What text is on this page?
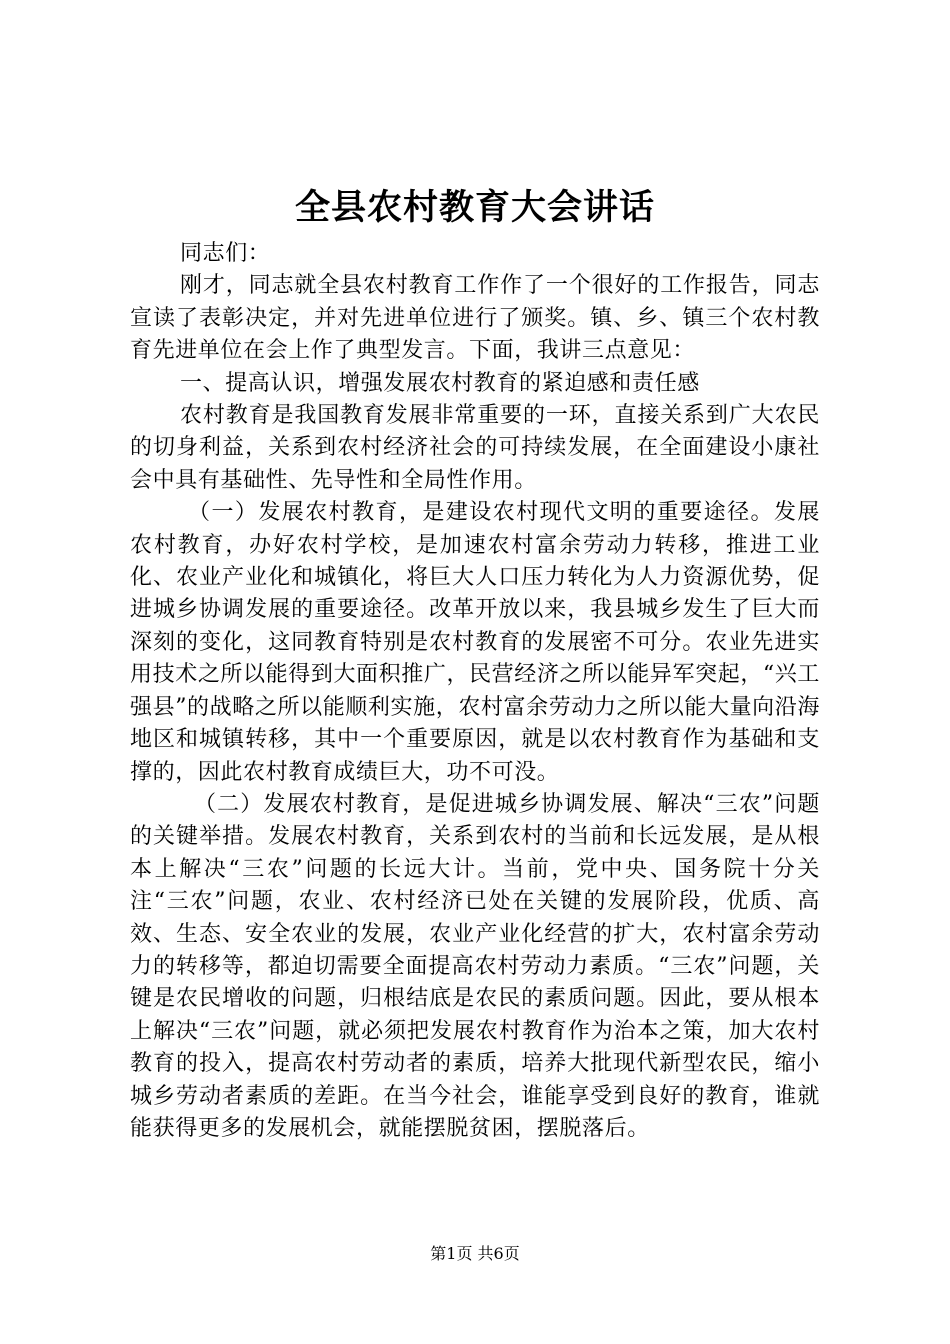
全县农村教育大会讲话

同志们：

刚才，同志就全县农村教育工作作了一个很好的工作报告，同志宣读了表彰决定，并对先进单位进行了颁奖。镇、乡、镇三个农村教育先进单位在会上作了典型发言。下面，我讲三点意见：

一、提高认识，增强发展农村教育的紧迫感和责任感

农村教育是我国教育发展非常重要的一环，直接关系到广大农民的切身利益，关系到农村经济社会的可持续发展，在全面建设小康社会中具有基础性、先导性和全局性作用。

（一）发展农村教育，是建设农村现代文明的重要途径。发展农村教育，办好农村学校，是加速农村富余劳动力转移，推进工业化、农业产业化和城镇化，将巨大人口压力转化为人力资源优势，促进城乡协调发展的重要途径。改革开放以来，我县城乡发生了巨大而深刻的变化，这同教育特别是农村教育的发展密不可分。农业先进实用技术之所以能得到大面积推广，民营经济之所以能异军突起，“兴工强县”的战略之所以能顺利实施，农村富余劳动力之所以能大量向沿海地区和城镇转移，其中一个重要原因，就是以农村教育作为基础和支撑的，因此农村教育成绩巨大，功不可没。

（二）发展农村教育，是促进城乡协调发展、解决“三农”问题的关键举措。发展农村教育，关系到农村的当前和长远发展，是从根本上解决“三农”问题的长远大计。当前，党中央、国务院十分关注“三农”问题，农业、农村经济已处在关键的发展阶段，优质、高效、生态、安全农业的发展，农业产业化经营的扩大，农村富余劳动力的转移等，都迫切需要全面提高农村劳动力素质。“三农”问题，关键是农民增收的问题，归根结底是农民的素质问题。因此，要从根本上解决“三农”问题，就必须把发展农村教育作为治本之策，加大农村教育的投入，提高农村劳动者的素质，培养大批现代新型农民，缩小城乡劳动者素质的差距。在当今社会，谁能享受到良好的教育，谁就能获得更多的发展机会，就能摆脱贫困，摆脱落后。

第1页 共6页
